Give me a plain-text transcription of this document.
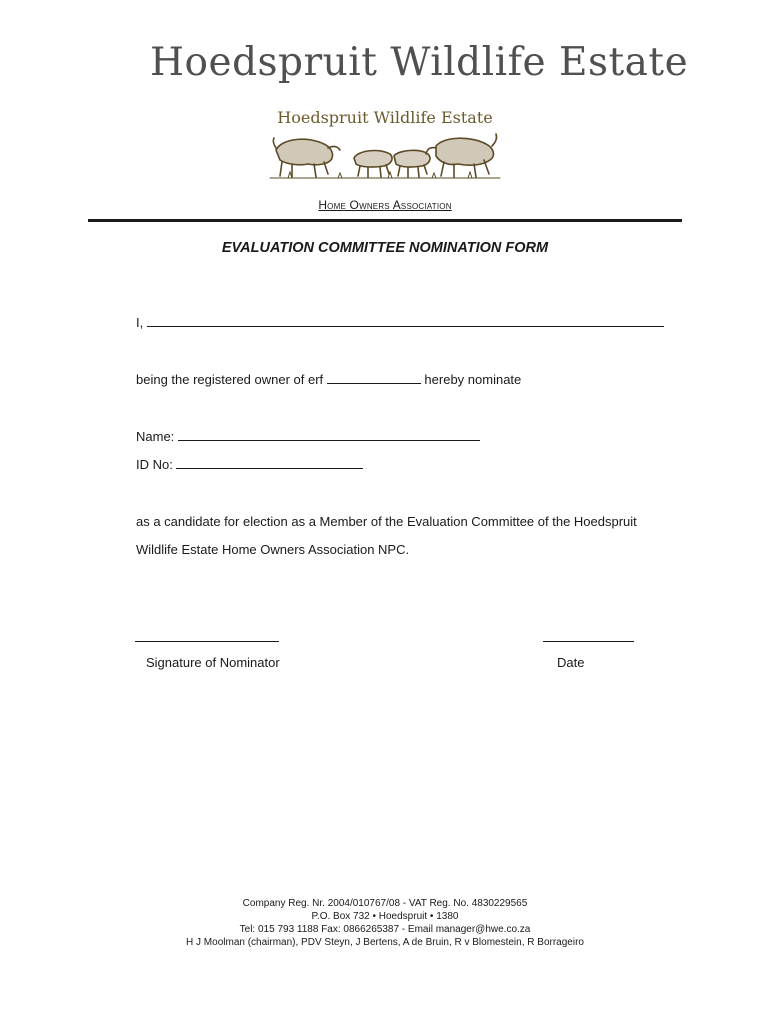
Hoedspruit Wildlife Estate
Hoedspruit Wildlife Estate
Home Owners Association
EVALUATION COMMITTEE NOMINATION FORM
I,
being the registered owner of erf	hereby nominate
Name:
ID No:
as a candidate for election as a Member of the Evaluation Committee of the Hoedspruit
Wildlife Estate Home Owners Association NPC.
Signature of Nominator	Date
Company Reg. Nr. 2004/010767/08 - VAT Reg. No. 4830229565
P.O. Box 732 • Hoedspruit • 1380
Tel: 015 793 1188 Fax: 0866265387 - Email manager@hwe.co.za
H J Moolman (chairman), PDV Steyn, J Bertens, A de Bruin, R v Blomestein, R Borrageiro
